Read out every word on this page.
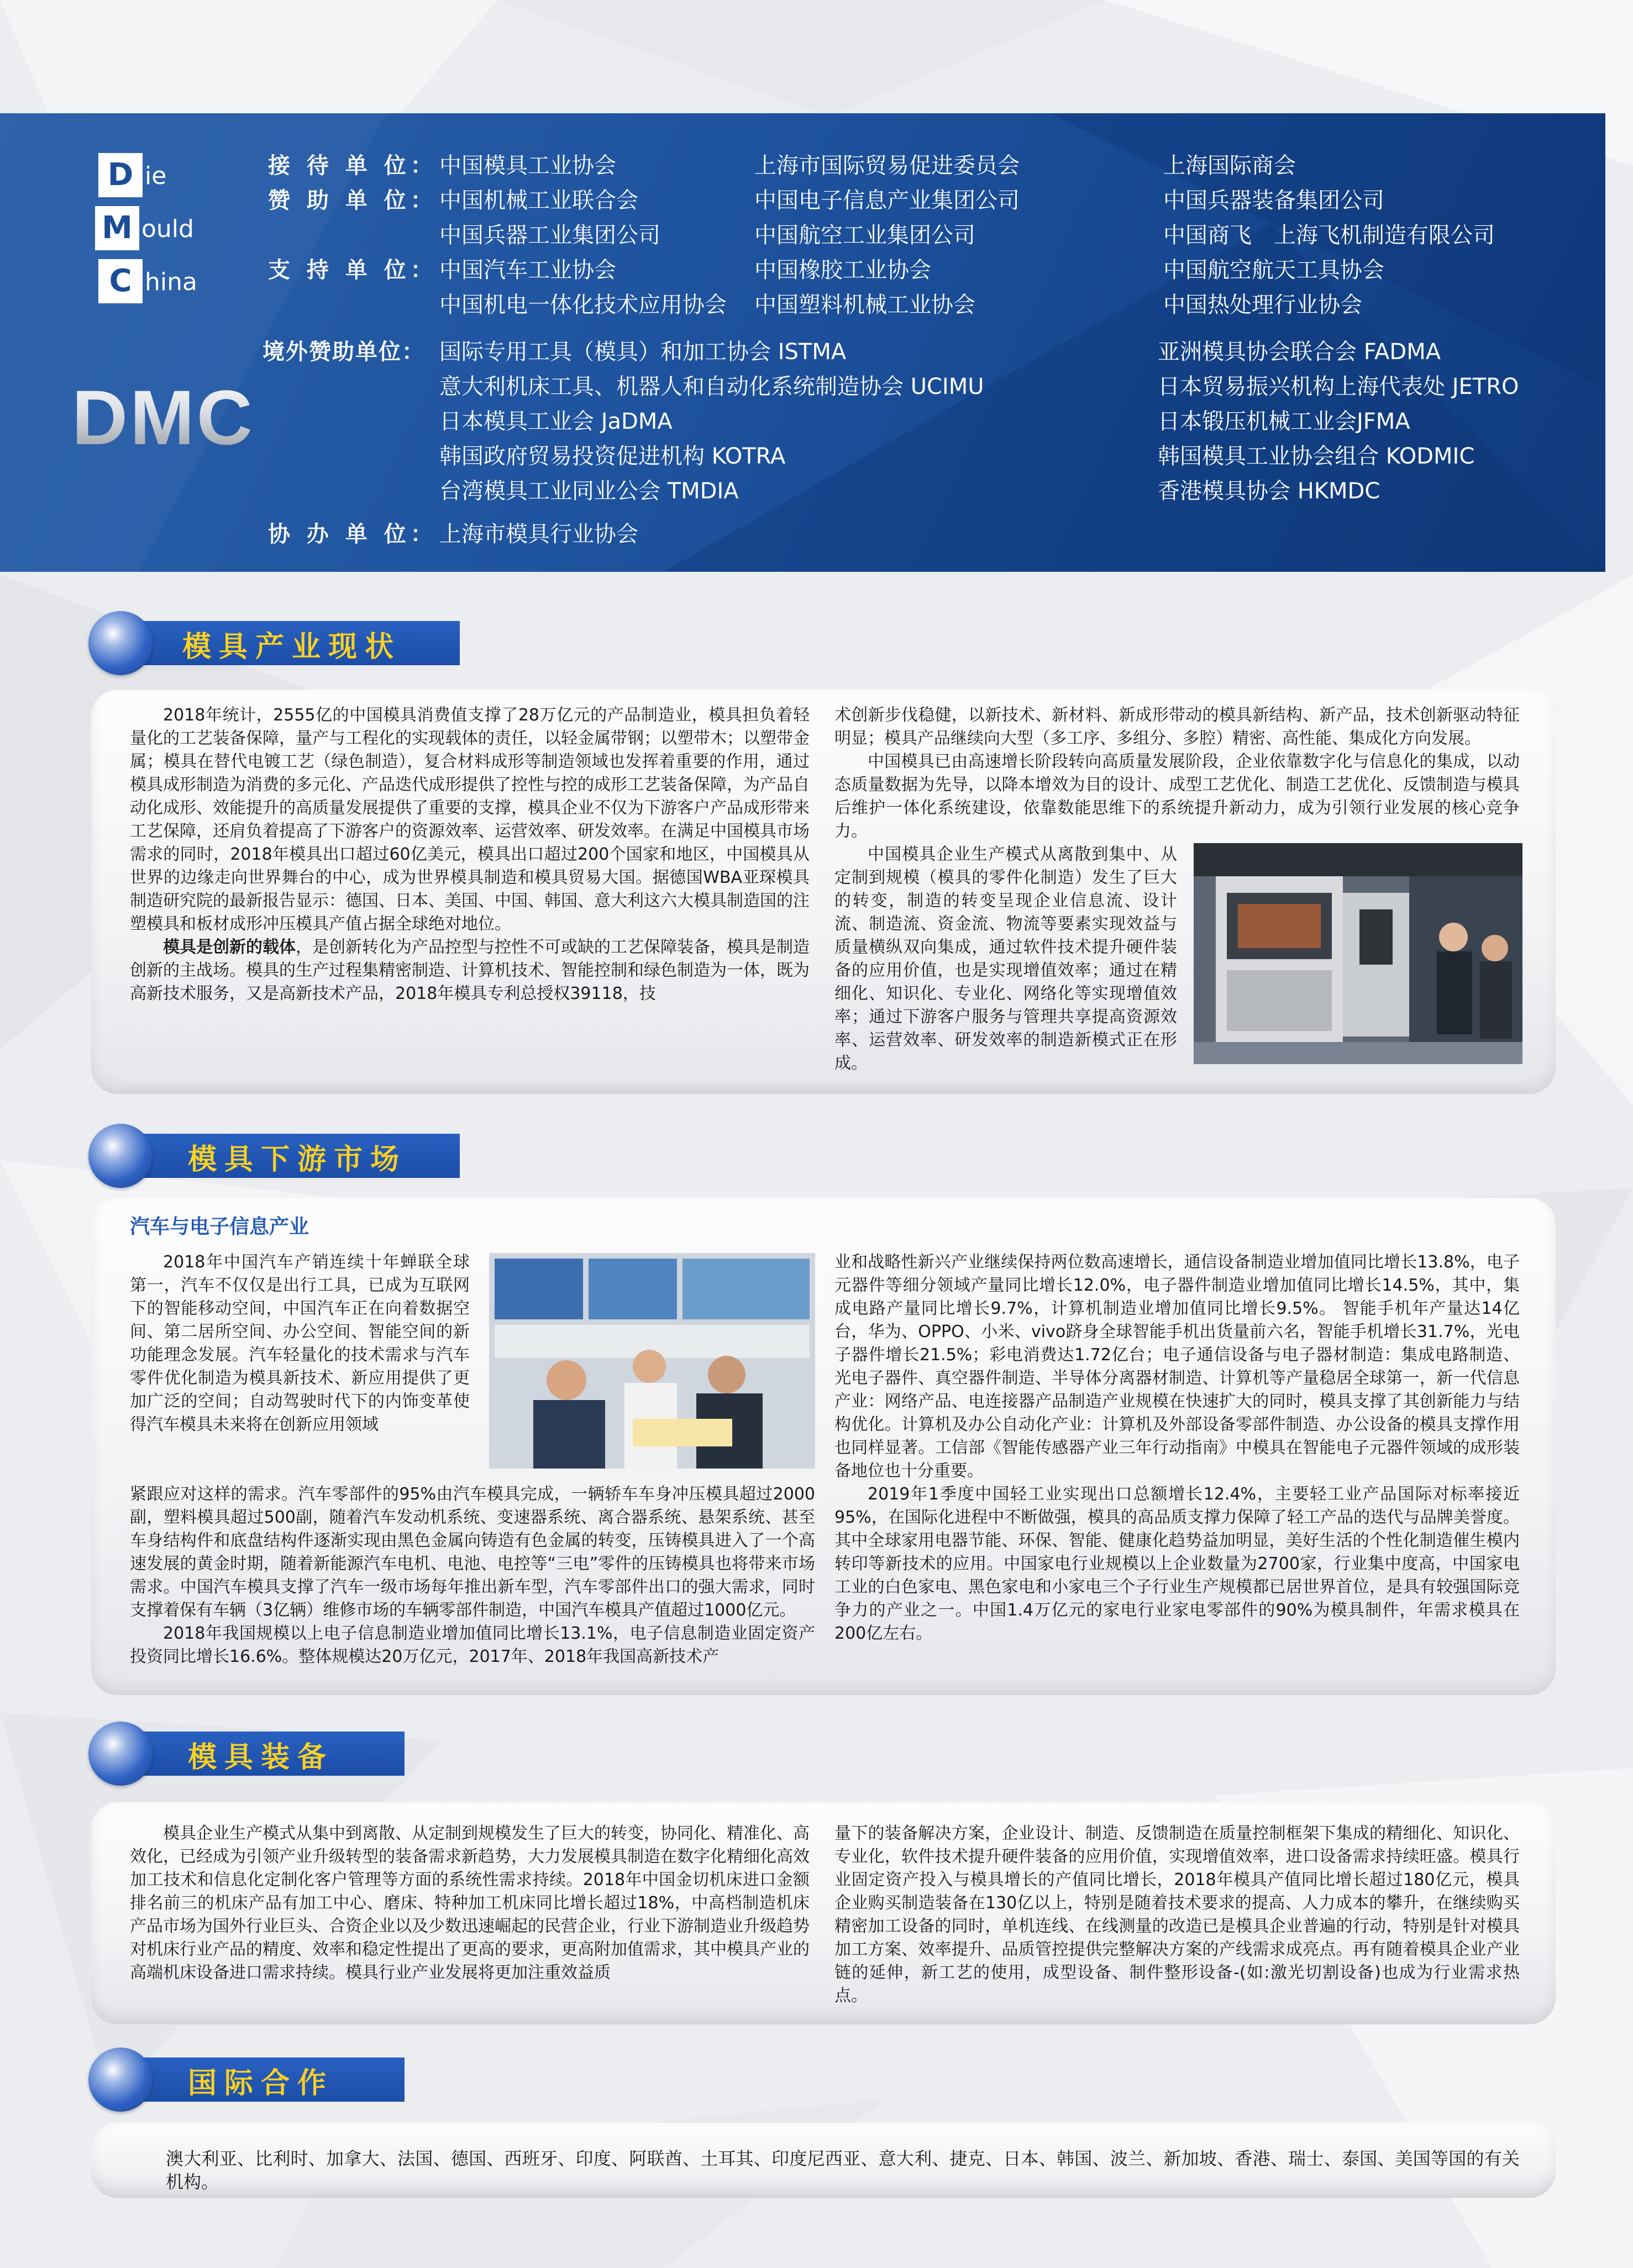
D ie
M ould
C hina
DMC
接 待 单 位： 中国模具工业协会	上海市国际贸易促进委员会	上海国际商会
赞 助 单 位： 中国机械工业联合会	中国电子信息产业集团公司	中国兵器装备集团公司
中国兵器工业集团公司	中国航空工业集团公司	中国商飞　上海飞机制造有限公司
支 持 单 位： 中国汽车工业协会	中国橡胶工业协会	中国航空航天工具协会
中国机电一体化技术应用协会 中国塑料机械工业协会	中国热处理行业协会
境外赞助单位： 国际专用工具（模具）和加工协会 ISTMA	亚洲模具协会联合会 FADMA
意大利机床工具、机器人和自动化系统制造协会 UCIMU	日本贸易振兴机构上海代表处 JETRO
日本模具工业会 JaDMA	日本锻压机械工业会JFMA
韩国政府贸易投资促进机构 KOTRA	韩国模具工业协会组合 KODMIC
台湾模具工业同业公会 TMDIA	香港模具协会 HKMDC
协 办 单 位： 上海市模具行业协会
模具产业现状

2018年统计，2555亿的中国模具消费值支撑了28万亿元的产品制造业，模具担负着轻量化的工艺装备保障，量产与工程化的实现载体的责任，以轻金属带钢；以塑带木；以塑带金属；模具在替代电镀工艺（绿色制造），复合材料成形等制造领域也发挥着重要的作用，通过模具成形制造为消费的多元化、产品迭代成形提供了控性与控的成形工艺装备保障，为产品自动化成形、效能提升的高质量发展提供了重要的支撑，模具企业不仅为下游客户产品成形带来工艺保障，还肩负着提高了下游客户的资源效率、运营效率、研发效率。在满足中国模具市场需求的同时，2018年模具出口超过60亿美元，模具出口超过200个国家和地区，中国模具从世界的边缘走向世界舞台的中心，成为世界模具制造和模具贸易大国。据德国WBA亚琛模具制造研究院的最新报告显示：德国、日本、美国、中国、韩国、意大利这六大模具制造国的注塑模具和板材成形冲压模具产值占据全球绝对地位。

模具是创新的载体，是创新转化为产品控型与控性不可或缺的工艺保障装备，模具是制造创新的主战场。模具的生产过程集精密制造、计算机技术、智能控制和绿色制造为一体，既为高新技术服务，又是高新技术产品，2018年模具专利总授权39118，技

术创新步伐稳健，以新技术、新材料、新成形带动的模具新结构、新产品，技术创新驱动特征明显；模具产品继续向大型（多工序、多组分、多腔）精密、高性能、集成化方向发展。

中国模具已由高速增长阶段转向高质量发展阶段，企业依靠数字化与信息化的集成，以动态质量数据为先导，以降本增效为目的设计、成型工艺优化、制造工艺优化、反馈制造与模具后维护一体化系统建设，依靠数能思维下的系统提升新动力，成为引领行业发展的核心竞争力。

中国模具企业生产模式从离散到集中、从定制到规模（模具的零件化制造）发生了巨大的转变，制造的转变呈现企业信息流、设计流、制造流、资金流、物流等要素实现效益与质量横纵双向集成，通过软件技术提升硬件装备的应用价值，也是实现增值效率；通过在精细化、知识化、专业化、网络化等实现增值效率；通过下游客户服务与管理共享提高资源效率、运营效率、研发效率的制造新模式正在形成。

模具下游市场
汽车与电子信息产业

2018年中国汽车产销连续十年蝉联全球第一，汽车不仅仅是出行工具，已成为互联网下的智能移动空间，中国汽车正在向着数据空间、第二居所空间、办公空间、智能空间的新功能理念发展。汽车轻量化的技术需求与汽车零件优化制造为模具新技术、新应用提供了更加广泛的空间；自动驾驶时代下的内饰变革使得汽车模具未来将在创新应用领域

紧跟应对这样的需求。汽车零部件的95%由汽车模具完成，一辆轿车车身冲压模具超过2000副，塑料模具超过500副，随着汽车发动机系统、变速器系统、离合器系统、悬架系统、甚至车身结构件和底盘结构件逐渐实现由黑色金属向铸造有色金属的转变，压铸模具进入了一个高速发展的黄金时期，随着新能源汽车电机、电池、电控等“三电”零件的压铸模具也将带来市场需求。中国汽车模具支撑了汽车一级市场每年推出新车型，汽车零部件出口的强大需求，同时支撑着保有车辆（3亿辆）维修市场的车辆零部件制造，中国汽车模具产值超过1000亿元。

2018年我国规模以上电子信息制造业增加值同比增长13.1%，电子信息制造业固定资产投资同比增长16.6%。整体规模达20万亿元，2017年、2018年我国高新技术产

业和战略性新兴产业继续保持两位数高速增长，通信设备制造业增加值同比增长13.8%，电子元器件等细分领域产量同比增长12.0%，电子器件制造业增加值同比增长14.5%，其中，集成电路产量同比增长9.7%，计算机制造业增加值同比增长9.5%。 智能手机年产量达14亿台，华为、OPPO、小米、vivo跻身全球智能手机出货量前六名，智能手机增长31.7%，光电子器件增长21.5%；彩电消费达1.72亿台；电子通信设备与电子器材制造：集成电路制造、光电子器件、真空器件制造、半导体分离器材制造、计算机等产量稳居全球第一，新一代信息产业：网络产品、电连接器产品制造产业规模在快速扩大的同时，模具支撑了其创新能力与结构优化。计算机及办公自动化产业：计算机及外部设备零部件制造、办公设备的模具支撑作用也同样显著。工信部《智能传感器产业三年行动指南》中模具在智能电子元器件领域的成形装备地位也十分重要。

2019年1季度中国轻工业实现出口总额增长12.4%，主要轻工业产品国际对标率接近95%，在国际化进程中不断做强，模具的高品质支撑力保障了轻工产品的迭代与品牌美誉度。其中全球家用电器节能、环保、智能、健康化趋势益加明显，美好生活的个性化制造催生模内转印等新技术的应用。中国家电行业规模以上企业数量为2700家，行业集中度高，中国家电工业的白色家电、黑色家电和小家电三个子行业生产规模都已居世界首位，是具有较强国际竞争力的产业之一。中国1.4万亿元的家电行业家电零部件的90%为模具制件，年需求模具在200亿左右。

模具装备

模具企业生产模式从集中到离散、从定制到规模发生了巨大的转变，协同化、精准化、高效化，已经成为引领产业升级转型的装备需求新趋势，大力发展模具制造在数字化精细化高效加工技术和信息化定制化客户管理等方面的系统性需求持续。2018年中国金切机床进口金额排名前三的机床产品有加工中心、磨床、特种加工机床同比增长超过18%，中高档制造机床产品市场为国外行业巨头、合资企业以及少数迅速崛起的民营企业，行业下游制造业升级趋势对机床行业产品的精度、效率和稳定性提出了更高的要求，更高附加值需求，其中模具产业的高端机床设备进口需求持续。模具行业产业发展将更加注重效益质

量下的装备解决方案，企业设计、制造、反馈制造在质量控制框架下集成的精细化、知识化、专业化，软件技术提升硬件装备的应用价值，实现增值效率，进口设备需求持续旺盛。模具行业固定资产投入与模具增长的产值同比增长，2018年模具产值同比增长超过180亿元，模具企业购买制造装备在130亿以上，特别是随着技术要求的提高、人力成本的攀升，在继续购买精密加工设备的同时，单机连线、在线测量的改造已是模具企业普遍的行动，特别是针对模具加工方案、效率提升、品质管控提供完整解决方案的产线需求成亮点。再有随着模具企业产业链的延伸，新工艺的使用，成型设备、制件整形设备-(如:激光切割设备)也成为行业需求热点。

国际合作
澳大利亚、比利时、加拿大、法国、德国、西班牙、印度、阿联酋、土耳其、印度尼西亚、意大利、捷克、日本、韩国、波兰、新加坡、香港、瑞士、泰国、美国等国的有关机构。
